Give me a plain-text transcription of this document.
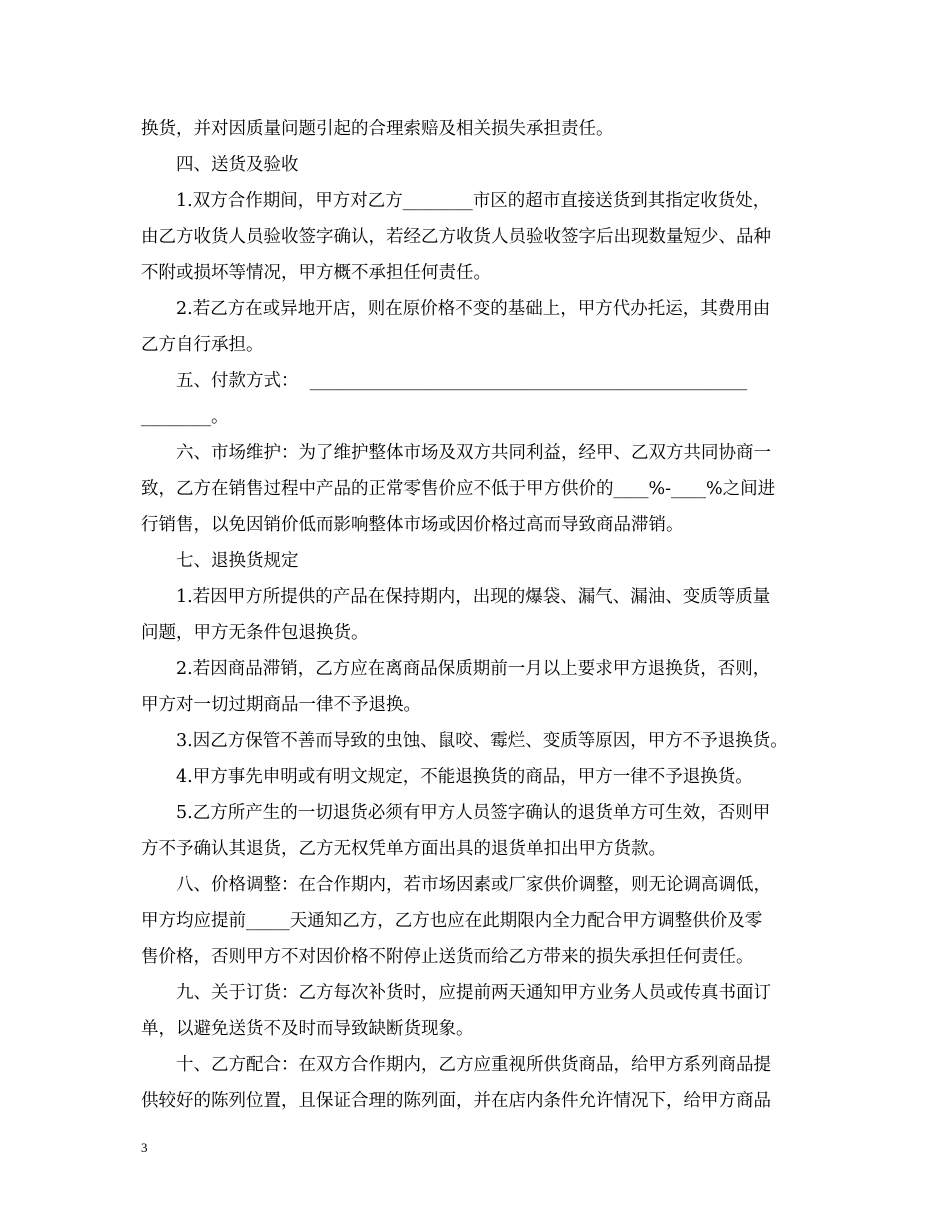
换货，并对因质量问题引起的合理索赔及相关损失承担责任。
四、送货及验收
1.双方合作期间，甲方对乙方________市区的超市直接送货到其指定收货处，
由乙方收货人员验收签字确认，若经乙方收货人员验收签字后出现数量短少、品种
不附或损坏等情况，甲方概不承担任何责任。
2.若乙方在或异地开店，则在原价格不变的基础上，甲方代办托运，其费用由
乙方自行承担。
五、付款方式：  __________________________________________________
________。
六、市场维护：为了维护整体市场及双方共同利益，经甲、乙双方共同协商一
致，乙方在销售过程中产品的正常零售价应不低于甲方供价的____%-____%之间进
行销售，以免因销价低而影响整体市场或因价格过高而导致商品滞销。
七、退换货规定
1.若因甲方所提供的产品在保持期内，出现的爆袋、漏气、漏油、变质等质量
问题，甲方无条件包退换货。
2.若因商品滞销，乙方应在离商品保质期前一月以上要求甲方退换货，否则，
甲方对一切过期商品一律不予退换。
3.因乙方保管不善而导致的虫蚀、鼠咬、霉烂、变质等原因，甲方不予退换货。
4.甲方事先申明或有明文规定，不能退换货的商品，甲方一律不予退换货。
5.乙方所产生的一切退货必须有甲方人员签字确认的退货单方可生效，否则甲
方不予确认其退货，乙方无权凭单方面出具的退货单扣出甲方货款。
八、价格调整：在合作期内，若市场因素或厂家供价调整，则无论调高调低，
甲方均应提前_____天通知乙方，乙方也应在此期限内全力配合甲方调整供价及零
售价格，否则甲方不对因价格不附停止送货而给乙方带来的损失承担任何责任。
九、关于订货：乙方每次补货时，应提前两天通知甲方业务人员或传真书面订
单，以避免送货不及时而导致缺断货现象。
十、乙方配合：在双方合作期内，乙方应重视所供货商品，给甲方系列商品提
供较好的陈列位置，且保证合理的陈列面，并在店内条件允许情况下，给甲方商品
3
